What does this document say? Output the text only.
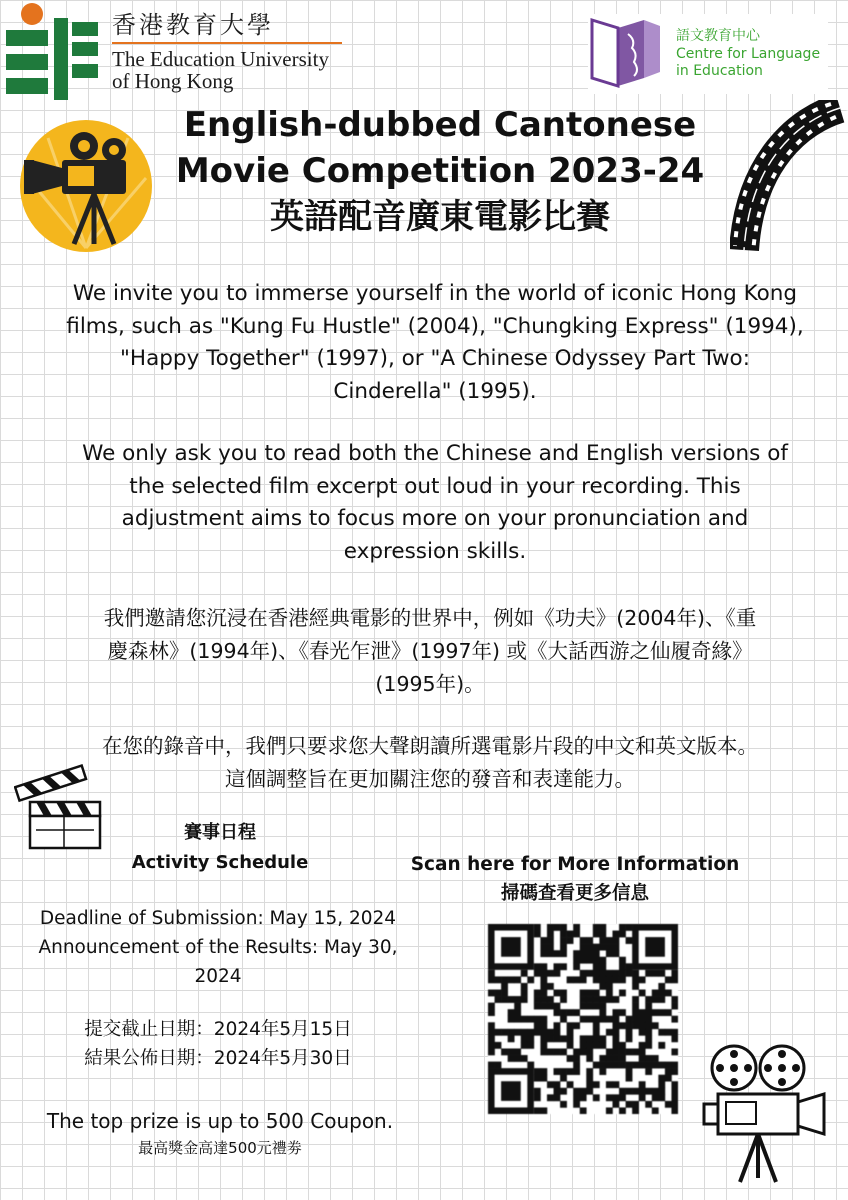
香港教育大學
The Education University
of Hong Kong
語文教育中心
Centre for Language
in Education
English-dubbed Cantonese
Movie Competition 2023-24
英語配音廣東電影比賽
We invite you to immerse yourself in the world of iconic Hong Kong
films, such as "Kung Fu Hustle" (2004), "Chungking Express" (1994),
"Happy Together" (1997), or "A Chinese Odyssey Part Two:
Cinderella" (1995).
We only ask you to read both the Chinese and English versions of
the selected film excerpt out loud in your recording. This
adjustment aims to focus more on your pronunciation and
expression skills.
我們邀請您沉浸在香港經典電影的世界中，例如《功夫》(2004年)、《重
慶森林》(1994年)、《春光乍泄》(1997年) 或《大話西游之仙履奇緣》
(1995年)。
在您的錄音中，我們只要求您大聲朗讀所選電影片段的中文和英文版本。
這個調整旨在更加關注您的發音和表達能力。
賽事日程
Activity Schedule
Deadline of Submission: May 15, 2024
Announcement of the Results: May 30,
2024
提交截止日期：2024年5月15日
結果公佈日期：2024年5月30日
Scan here for More Information
掃碼查看更多信息
The top prize is up to 500 Coupon.
最高獎金高達500元禮劵
